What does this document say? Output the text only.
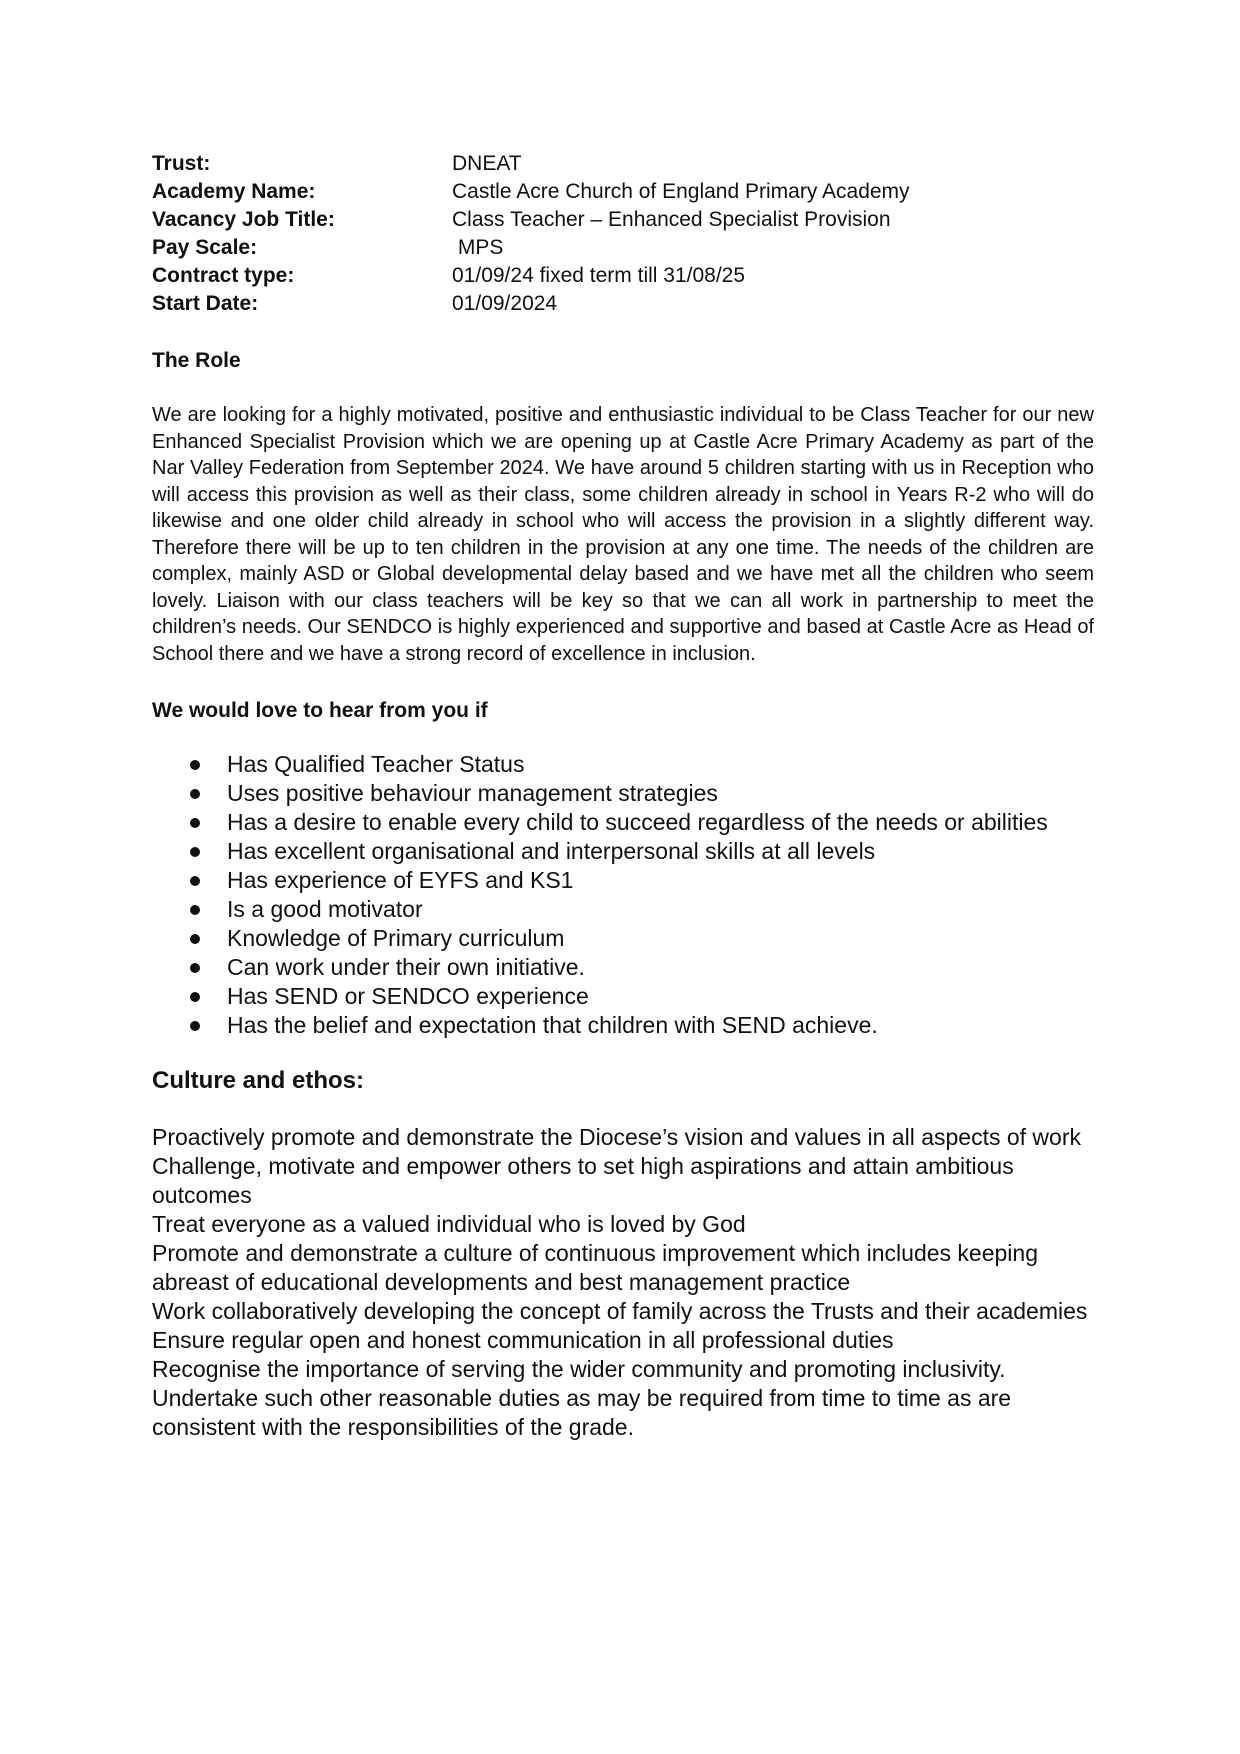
Trust:	DNEAT
Academy Name:	Castle Acre Church of England Primary Academy
Vacancy Job Title:	Class Teacher – Enhanced Specialist Provision
Pay Scale:	MPS
Contract type:	01/09/24 fixed term till 31/08/25
Start Date:	01/09/2024
The Role

We are looking for a highly motivated, positive and enthusiastic individual to be Class Teacher for our new Enhanced Specialist Provision which we are opening up at Castle Acre Primary Academy as part of the Nar Valley Federation from September 2024. We have around 5 children starting with us in Reception who will access this provision as well as their class, some children already in school in Years R-2 who will do likewise and one older child already in school who will access the provision in a slightly different way. Therefore there will be up to ten children in the provision at any one time. The needs of the children are complex, mainly ASD or Global developmental delay based and we have met all the children who seem lovely. Liaison with our class teachers will be key so that we can all work in partnership to meet the children’s needs. Our SENDCO is highly experienced and supportive and based at Castle Acre as Head of School there and we have a strong record of excellence in inclusion.

We would love to hear from you if
Has Qualified Teacher Status
Uses positive behaviour management strategies
Has a desire to enable every child to succeed regardless of the needs or abilities
Has excellent organisational and interpersonal skills at all levels
Has experience of EYFS and KS1
Is a good motivator
Knowledge of Primary curriculum
Can work under their own initiative.
Has SEND or SENDCO experience
Has the belief and expectation that children with SEND achieve.
Culture and ethos:
Proactively promote and demonstrate the Diocese’s vision and values in all aspects of work
Challenge, motivate and empower others to set high aspirations and attain ambitious outcomes
Treat everyone as a valued individual who is loved by God
Promote and demonstrate a culture of continuous improvement which includes keeping abreast of educational developments and best management practice
Work collaboratively developing the concept of family across the Trusts and their academies
Ensure regular open and honest communication in all professional duties
Recognise the importance of serving the wider community and promoting inclusivity.
Undertake such other reasonable duties as may be required from time to time as are consistent with the responsibilities of the grade.
